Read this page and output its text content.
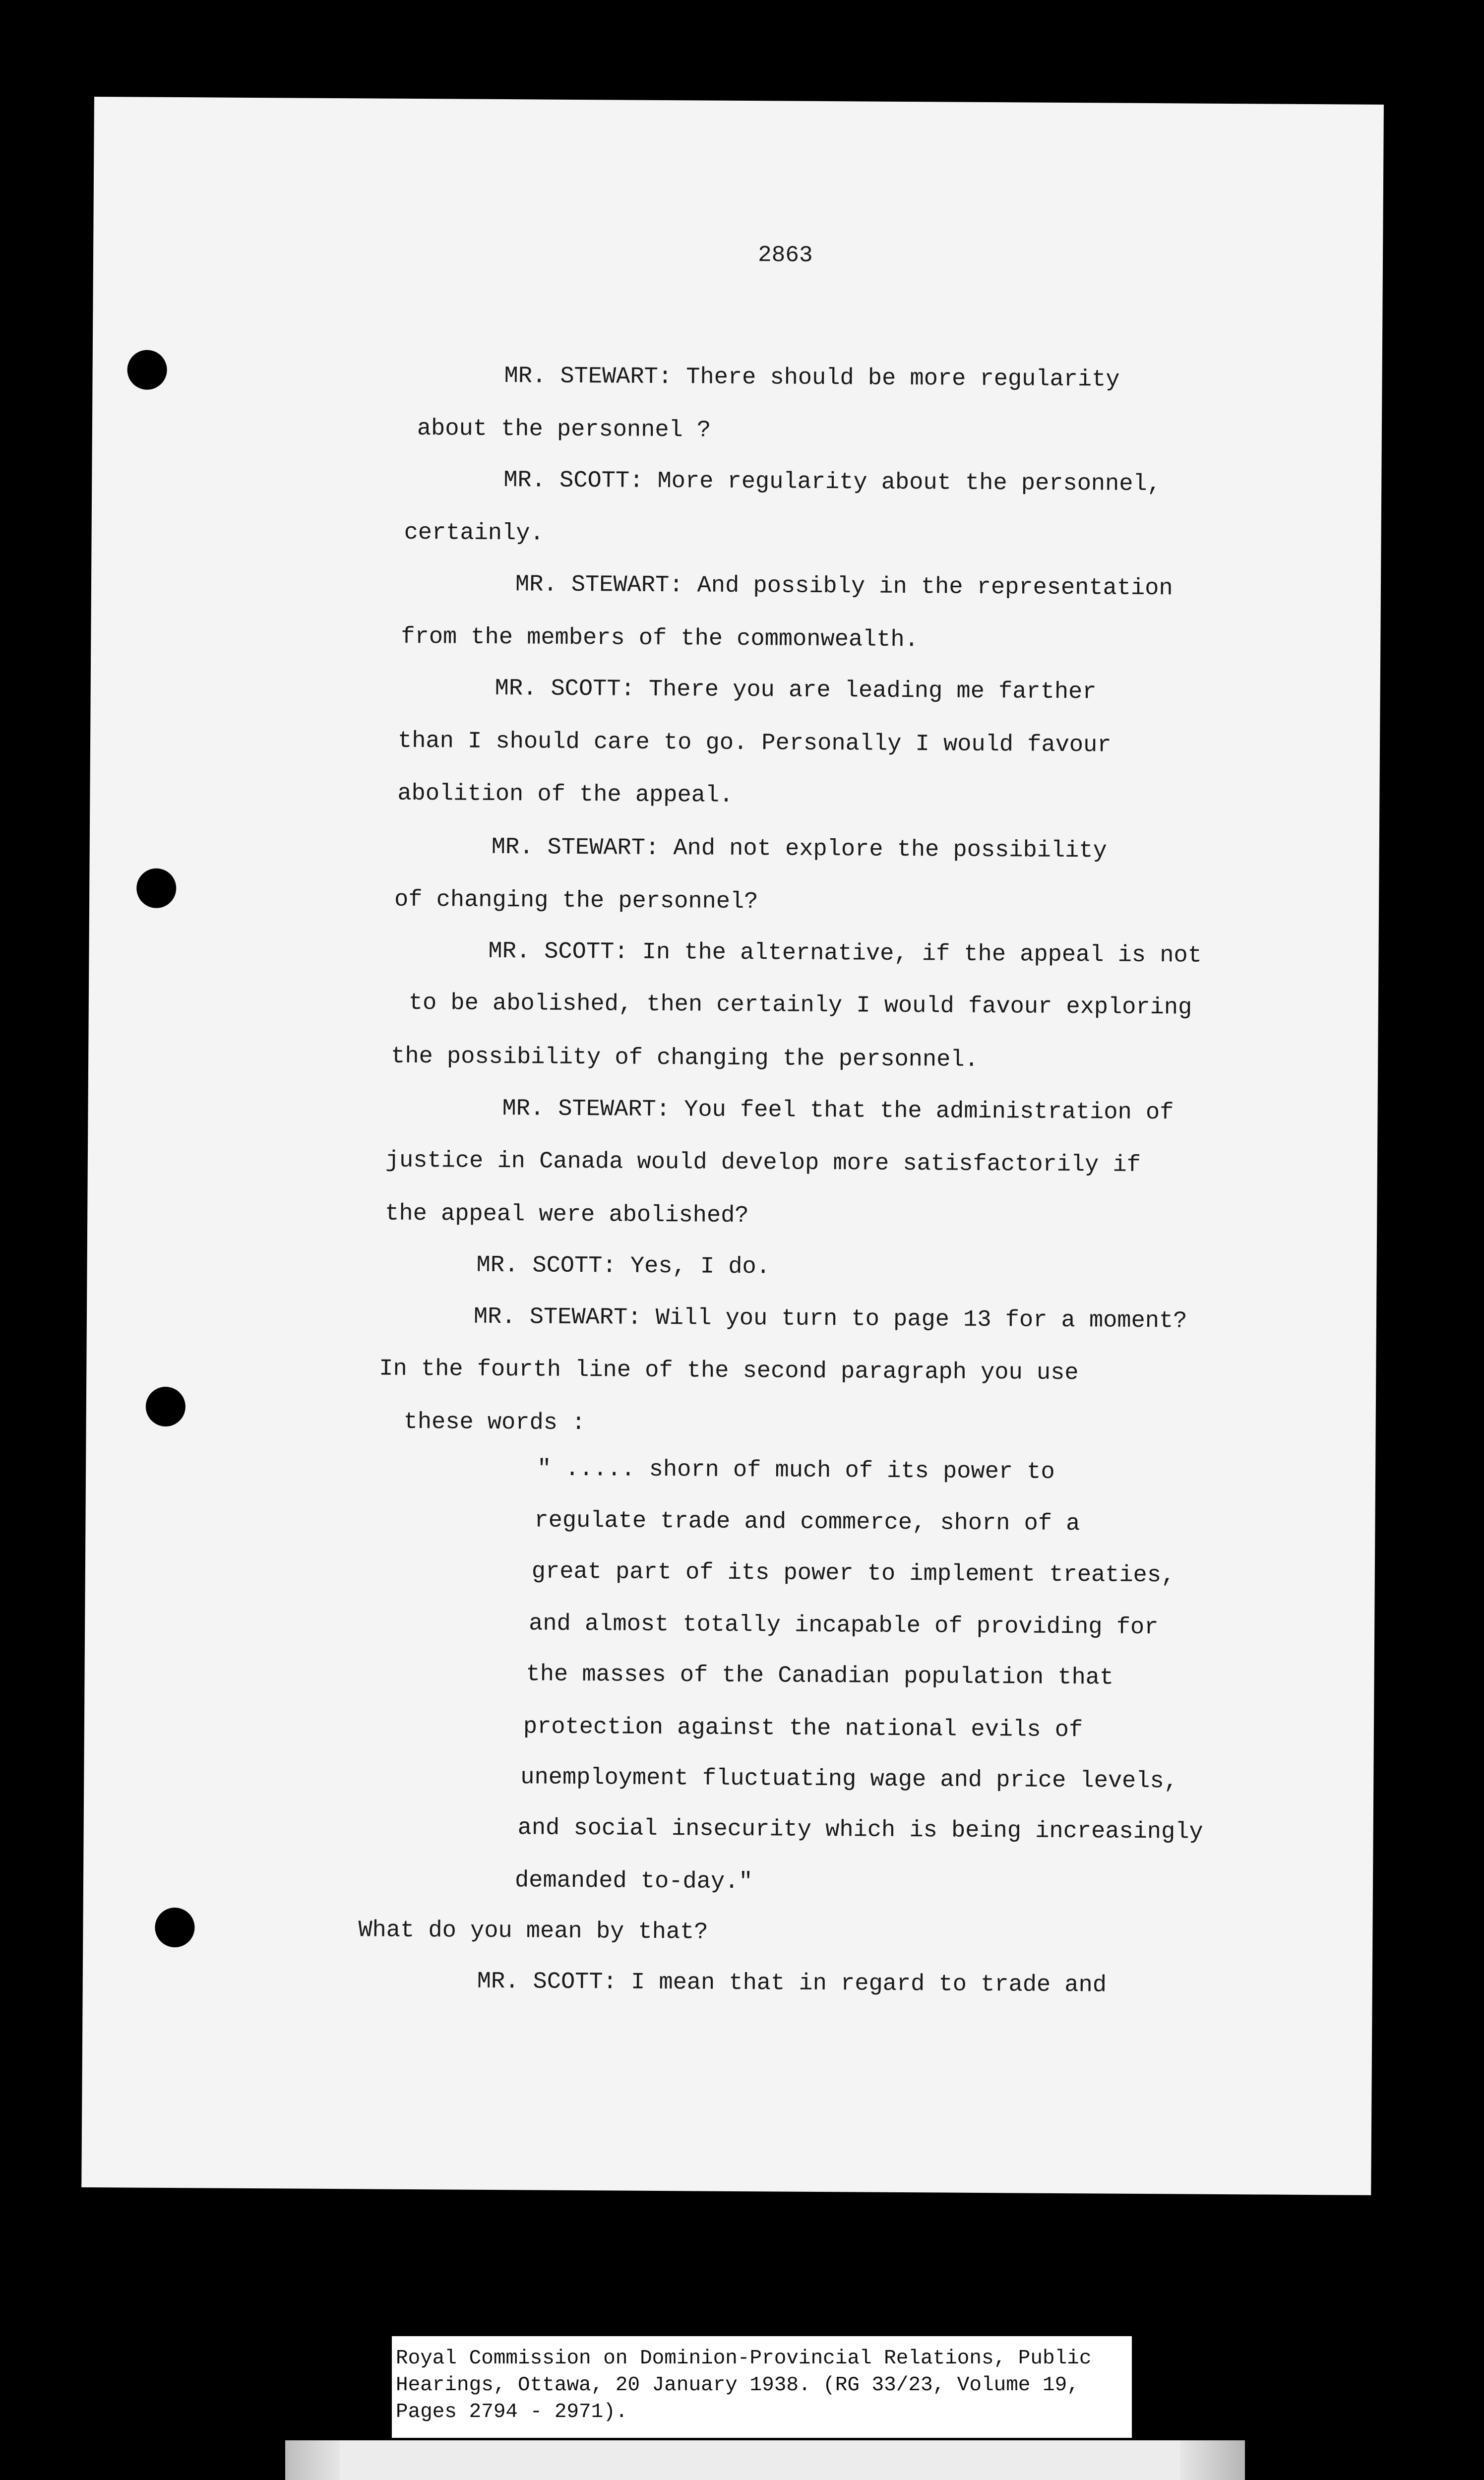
2863
MR. STEWART: There should be more regularity
about the personnel ?
MR. SCOTT: More regularity about the personnel,
certainly.
MR. STEWART: And possibly in the representation
from the members of the commonwealth.
MR. SCOTT: There you are leading me farther
than I should care to go. Personally I would favour
abolition of the appeal.
MR. STEWART: And not explore the possibility
of changing the personnel?
MR. SCOTT: In the alternative, if the appeal is not
to be abolished, then certainly I would favour exploring
the possibility of changing the personnel.
MR. STEWART: You feel that the administration of
justice in Canada would develop more satisfactorily if
the appeal were abolished?
MR. SCOTT: Yes, I do.
MR. STEWART: Will you turn to page 13 for a moment?
In the fourth line of the second paragraph you use
these words :
" ..... shorn of much of its power to
regulate trade and commerce, shorn of a
great part of its power to implement treaties,
and almost totally incapable of providing for
the masses of the Canadian population that
protection against the national evils of
unemployment fluctuating wage and price levels,
and social insecurity which is being increasingly
demanded to-day."
What do you mean by that?
MR. SCOTT: I mean that in regard to trade and
Royal Commission on Dominion-Provincial Relations, Public
Hearings, Ottawa, 20 January 1938. (RG 33/23, Volume 19,
Pages 2794 - 2971).
